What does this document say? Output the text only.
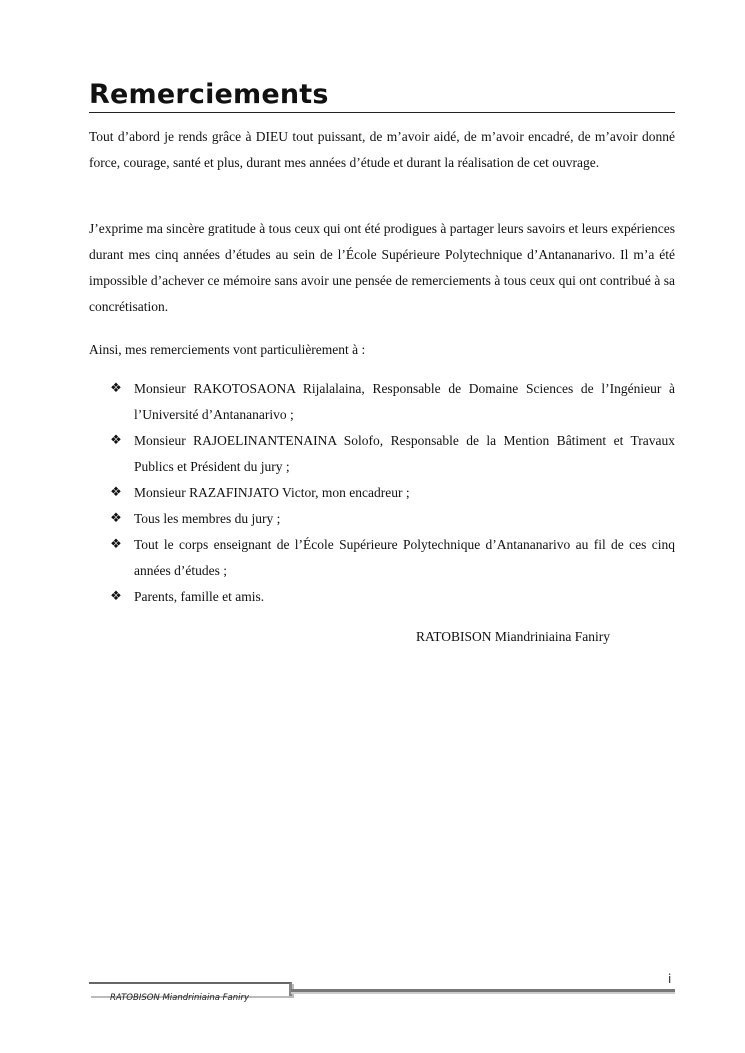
Remerciements

Tout d’abord je rends grâce à DIEU tout puissant, de m’avoir aidé, de m’avoir encadré, de m’avoir donné force, courage, santé et plus, durant mes années d’étude et durant la réalisation de cet ouvrage.

J’exprime ma sincère gratitude à tous ceux qui ont été prodigues à partager leurs savoirs et leurs expériences durant mes cinq années d’études au sein de l’École Supérieure Polytechnique d’Antananarivo. Il m’a été impossible d’achever ce mémoire sans avoir une pensée de remerciements à tous ceux qui ont contribué à sa concrétisation.

Ainsi, mes remerciements vont particulièrement à :

❖ Monsieur RAKOTOSAONA Rijalalaina, Responsable de Domaine Sciences de l’Ingénieur à l’Université d’Antananarivo ;
❖ Monsieur RAJOELINANTENAINA Solofo, Responsable de la Mention Bâtiment et Travaux Publics et Président du jury ;
❖ Monsieur RAZAFINJATO Victor, mon encadreur ;
❖ Tous les membres du jury ;
❖ Tout le corps enseignant de l’École Supérieure Polytechnique d’Antananarivo au fil de ces cinq années d’études ;
❖ Parents, famille et amis.
RATOBISON Miandriniaina Faniry
RATOBISON Miandriniaina Faniry
i
